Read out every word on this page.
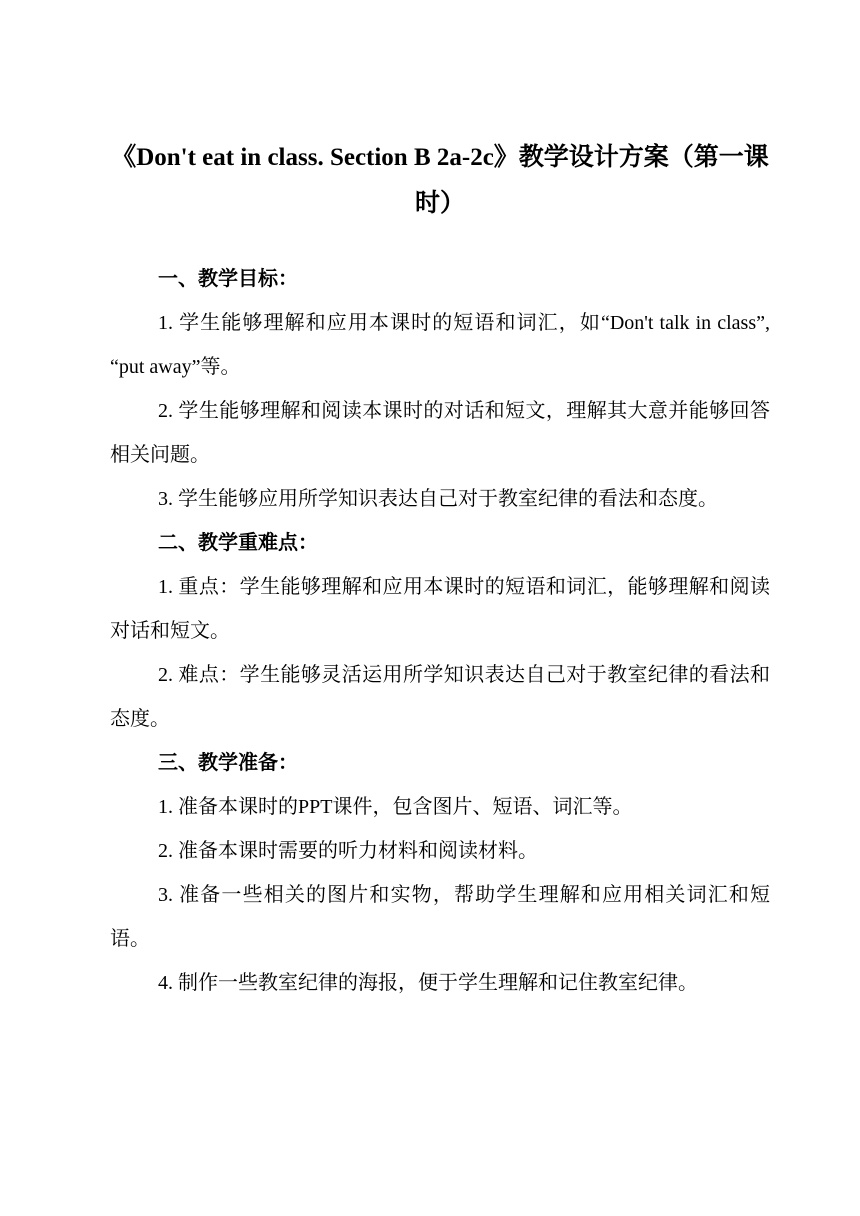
《Don't eat in class. Section B 2a-2c》教学设计方案（第一课时）

一、教学目标：

1. 学生能够理解和应用本课时的短语和词汇，如“Don't talk in class”, “put away”等。

2. 学生能够理解和阅读本课时的对话和短文，理解其大意并能够回答相关问题。

3. 学生能够应用所学知识表达自己对于教室纪律的看法和态度。

二、教学重难点：

1. 重点：学生能够理解和应用本课时的短语和词汇，能够理解和阅读对话和短文。

2. 难点：学生能够灵活运用所学知识表达自己对于教室纪律的看法和态度。

三、教学准备：

1. 准备本课时的PPT课件，包含图片、短语、词汇等。

2. 准备本课时需要的听力材料和阅读材料。

3. 准备一些相关的图片和实物，帮助学生理解和应用相关词汇和短语。

4. 制作一些教室纪律的海报，便于学生理解和记住教室纪律。
